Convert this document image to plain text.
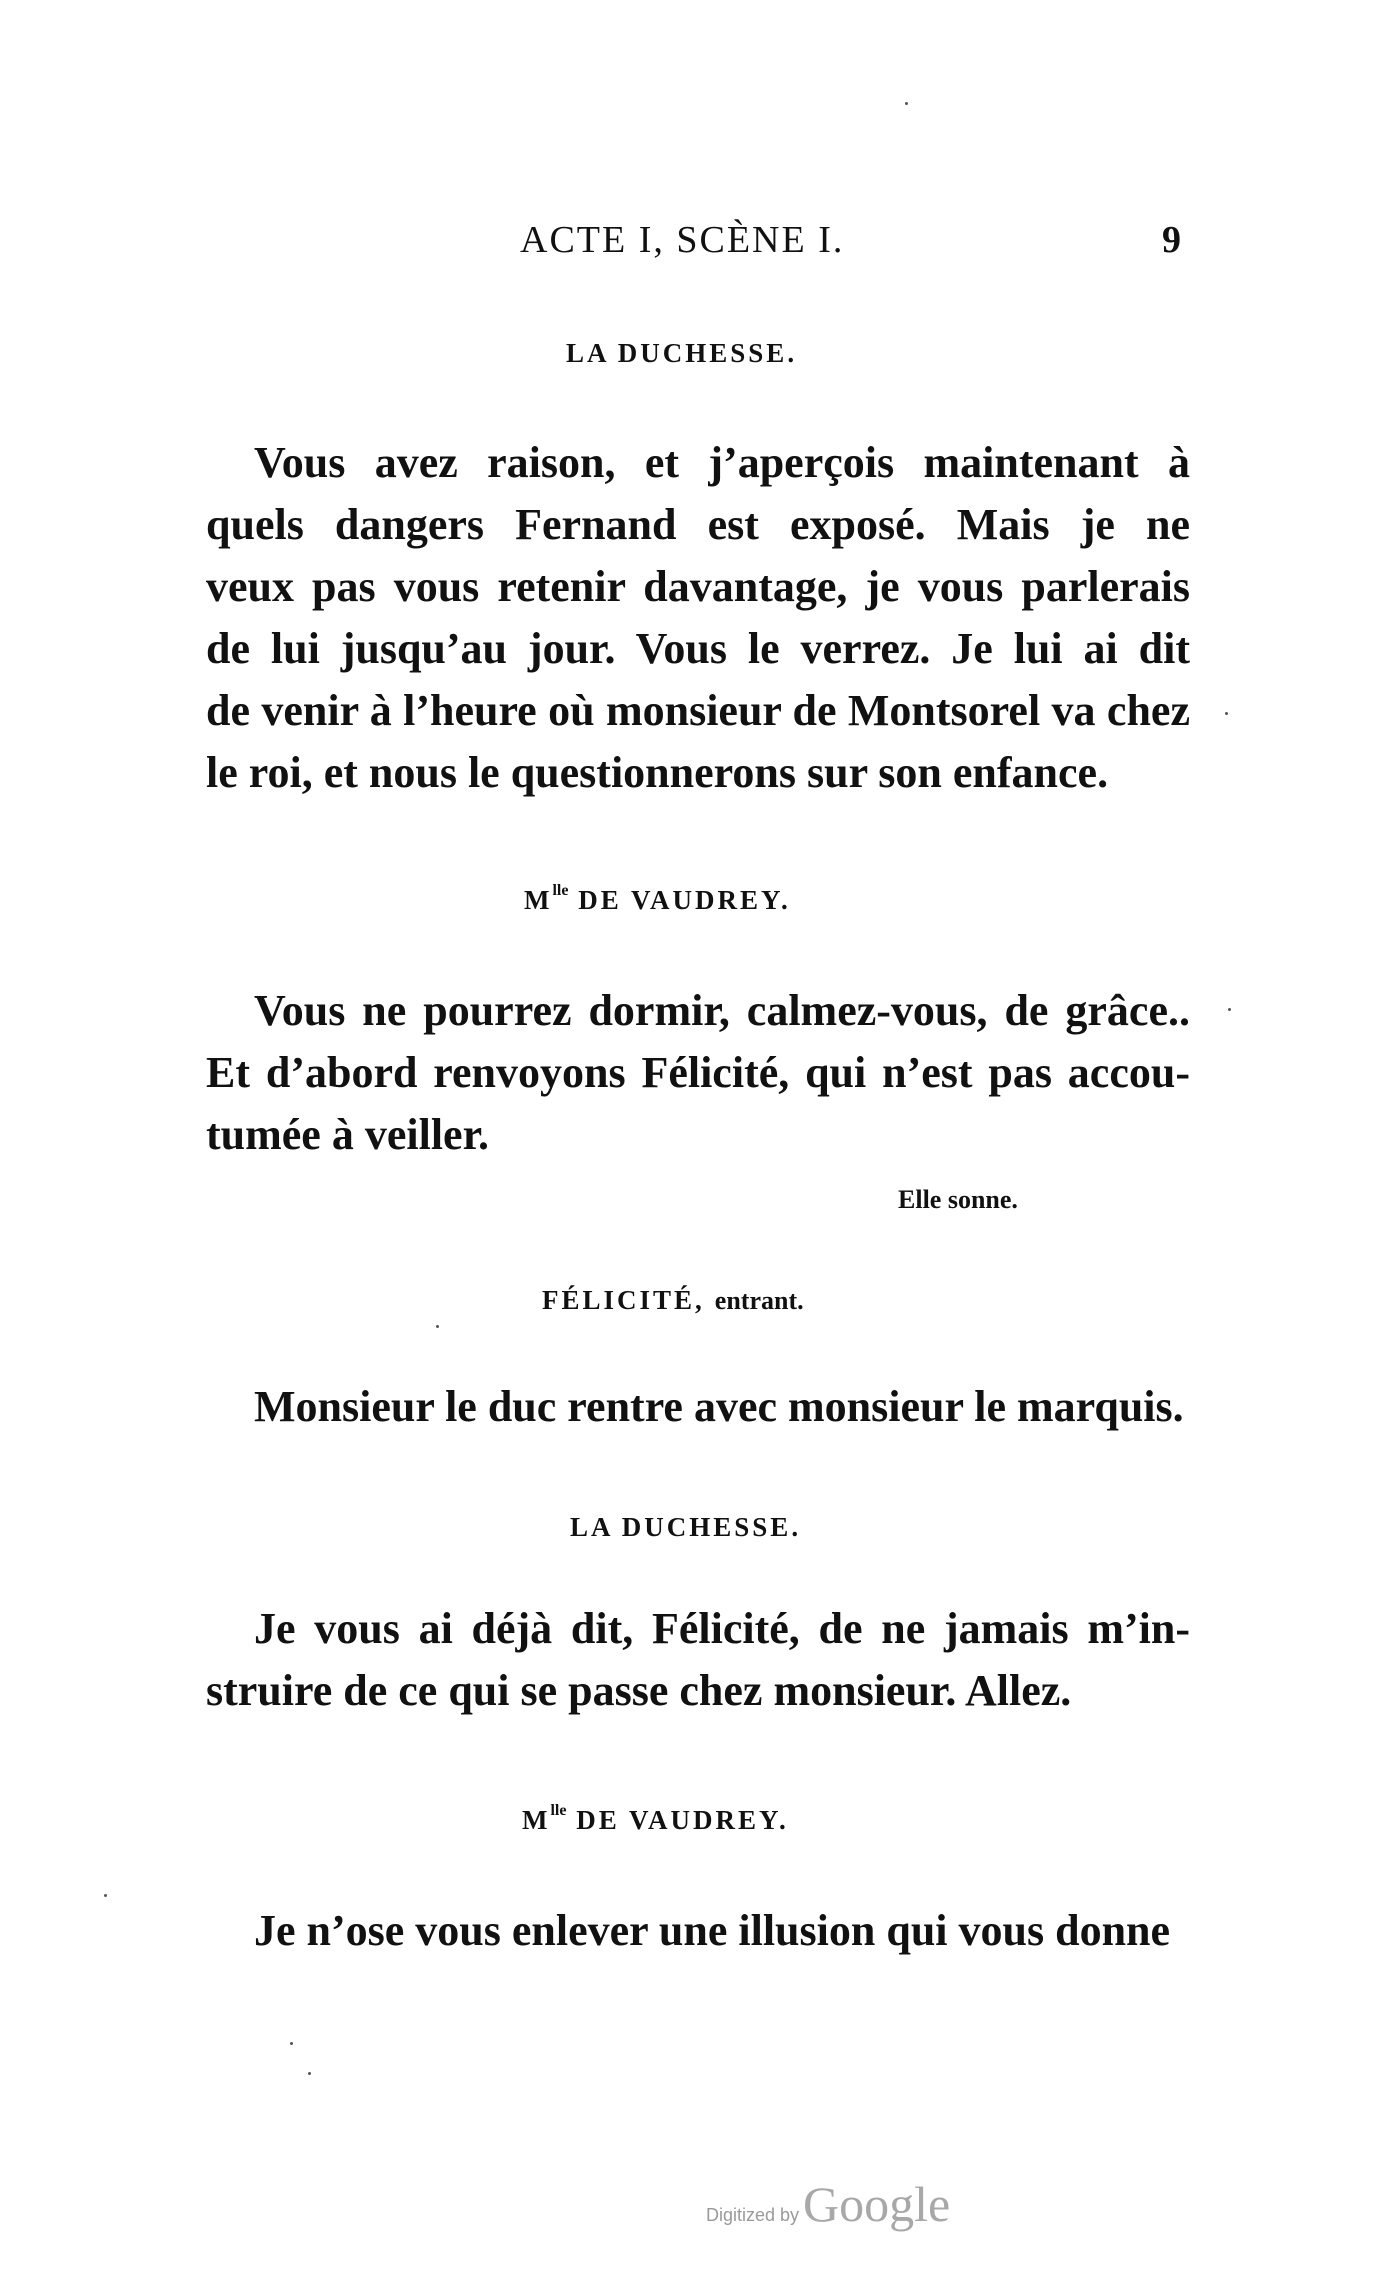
ACTE I, SCÈNE I.	9
LA DUCHESSE.
Vous avez raison, et j’aperçois maintenant à
quels dangers Fernand est exposé. Mais je ne
veux pas vous retenir davantage, je vous parlerais
de lui jusqu’au jour. Vous le verrez. Je lui ai dit
de venir à l’heure où monsieur de Montsorel va chez
le roi, et nous le questionnerons sur son enfance.
$M^{lle}$ DE VAUDREY.
Vous ne pourrez dormir, calmez-vous, de grâce..
Et d’abord renvoyons Félicité, qui n’est pas accou-
tumée à veiller.
Elle sonne.
FÉLICITÉ, entrant.
Monsieur le duc rentre avec monsieur le marquis.
LA DUCHESSE.
Je vous ai déjà dit, Félicité, de ne jamais m’in-
struire de ce qui se passe chez monsieur. Allez.
$M^{lle}$ DE VAUDREY.
Je n’ose vous enlever une illusion qui vous donne
Digitized by Google
